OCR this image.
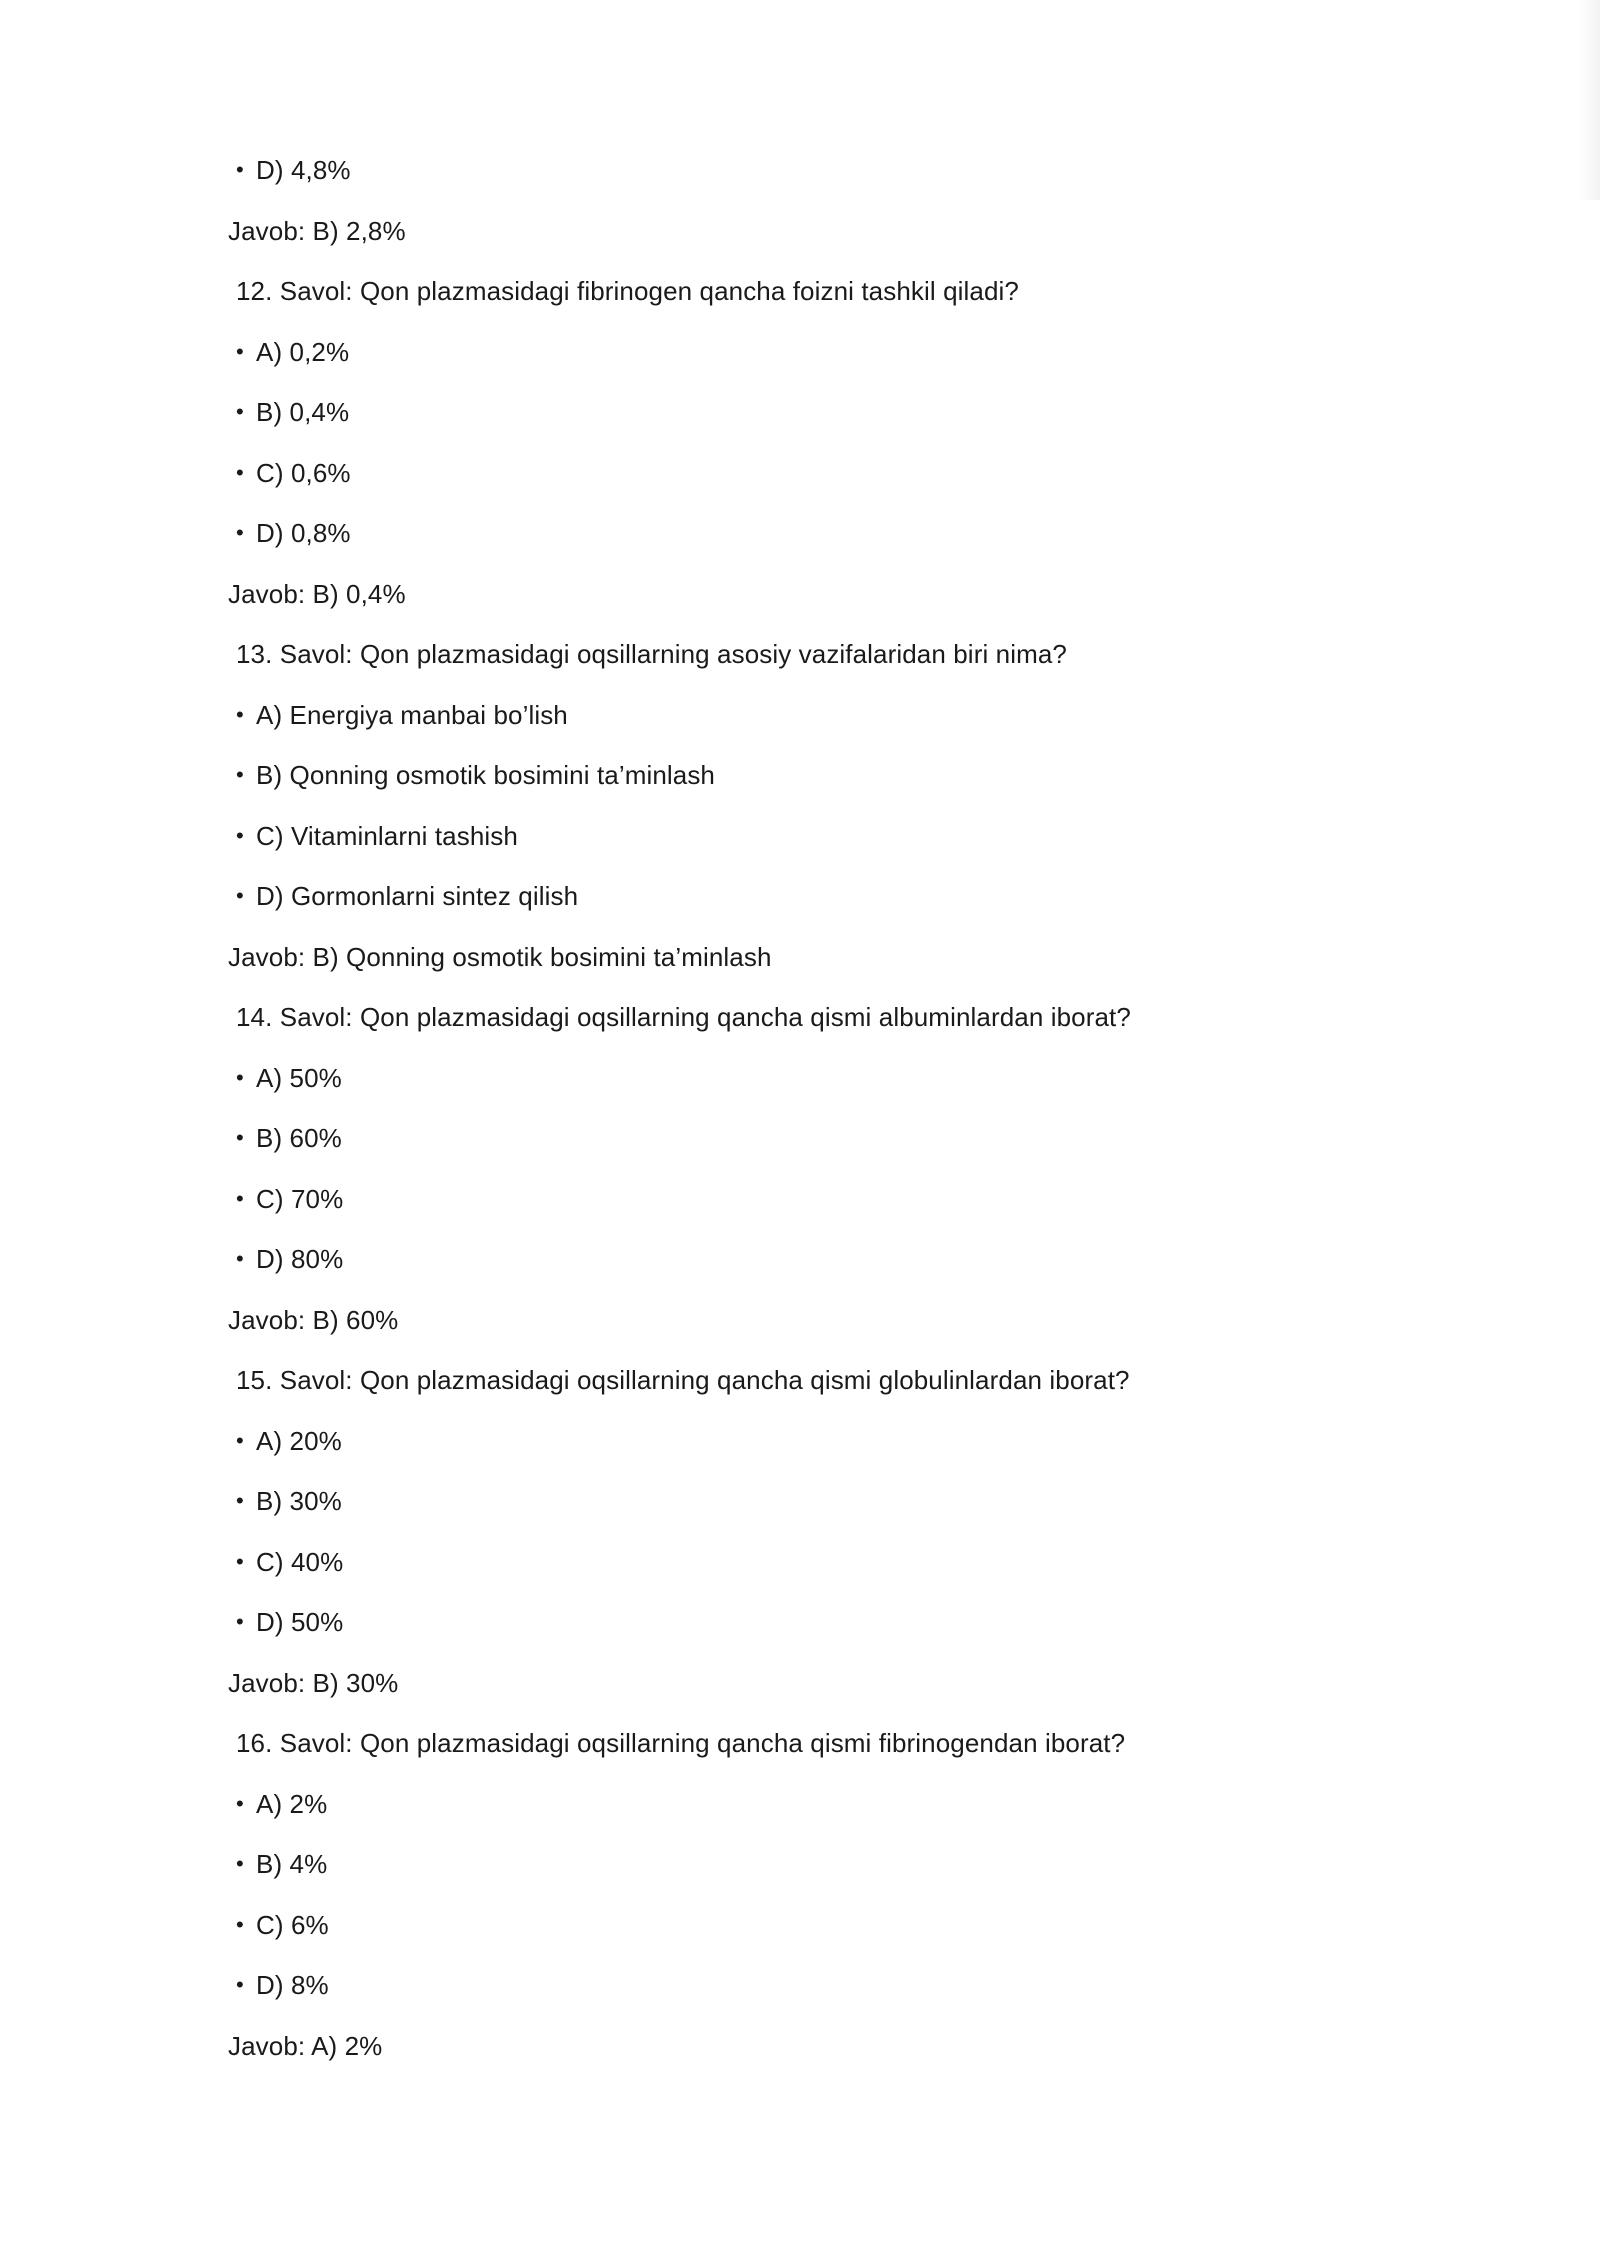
• D) 4,8%
Javob: B) 2,8%
12. Savol: Qon plazmasidagi fibrinogen qancha foizni tashkil qiladi?
• A) 0,2%
• B) 0,4%
• C) 0,6%
• D) 0,8%
Javob: B) 0,4%
13. Savol: Qon plazmasidagi oqsillarning asosiy vazifalaridan biri nima?
• A) Energiya manbai bo’lish
• B) Qonning osmotik bosimini ta’minlash
• C) Vitaminlarni tashish
• D) Gormonlarni sintez qilish
Javob: B) Qonning osmotik bosimini ta’minlash
14. Savol: Qon plazmasidagi oqsillarning qancha qismi albuminlardan iborat?
• A) 50%
• B) 60%
• C) 70%
• D) 80%
Javob: B) 60%
15. Savol: Qon plazmasidagi oqsillarning qancha qismi globulinlardan iborat?
• A) 20%
• B) 30%
• C) 40%
• D) 50%
Javob: B) 30%
16. Savol: Qon plazmasidagi oqsillarning qancha qismi fibrinogendan iborat?
• A) 2%
• B) 4%
• C) 6%
• D) 8%
Javob: A) 2%
